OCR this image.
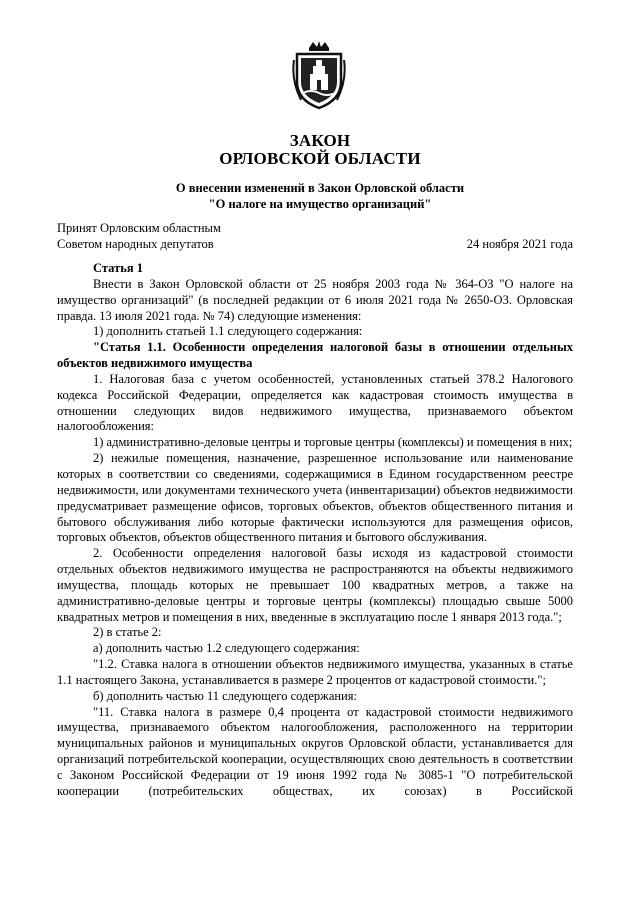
ЗАКОН
ОРЛОВСКОЙ ОБЛАСТИ
О внесении изменений в Закон Орловской области
"О налоге на имущество организаций"
Принят Орловским областным
Советом народных депутатов	24 ноября 2021 года

Статья 1

Внести в Закон Орловской области от 25 ноября 2003 года № 364-ОЗ "О налоге на имущество организаций" (в последней редакции от 6 июля 2021 года № 2650-ОЗ. Орловская правда. 13 июля 2021 года. № 74) следующие изменения:

1) дополнить статьей 1.1 следующего содержания:

"Статья 1.1. Особенности определения налоговой базы в отношении отдельных объектов недвижимого имущества

1. Налоговая база с учетом особенностей, установленных статьей 378.2 Налогового кодекса Российской Федерации, определяется как кадастровая стоимость имущества в отношении следующих видов недвижимого имущества, признаваемого объектом налогообложения:

1) административно-деловые центры и торговые центры (комплексы) и помещения в них;

2) нежилые помещения, назначение, разрешенное использование или наименование которых в соответствии со сведениями, содержащимися в Едином государственном реестре недвижимости, или документами технического учета (инвентаризации) объектов недвижимости предусматривает размещение офисов, торговых объектов, объектов общественного питания и бытового обслуживания либо которые фактически используются для размещения офисов, торговых объектов, объектов общественного питания и бытового обслуживания.

2. Особенности определения налоговой базы исходя из кадастровой стоимости отдельных объектов недвижимого имущества не распространяются на объекты недвижимого имущества, площадь которых не превышает 100 квадратных метров, а также на административно-деловые центры и торговые центры (комплексы) площадью свыше 5000 квадратных метров и помещения в них, введенные в эксплуатацию после 1 января 2013 года.";

2) в статье 2:

а) дополнить частью 1.2 следующего содержания:

"1.2. Ставка налога в отношении объектов недвижимого имущества, указанных в статье 1.1 настоящего Закона, устанавливается в размере 2 процентов от кадастровой стоимости.";

б) дополнить частью 11 следующего содержания:

"11. Ставка налога в размере 0,4 процента от кадастровой стоимости недвижимого имущества, признаваемого объектом налогообложения, расположенного на территории муниципальных районов и муниципальных округов Орловской области, устанавливается для организаций потребительской кооперации, осуществляющих свою деятельность в соответствии с Законом Российской Федерации от 19 июня 1992 года № 3085-1 "О потребительской кооперации (потребительских обществах, их союзах) в Российской
